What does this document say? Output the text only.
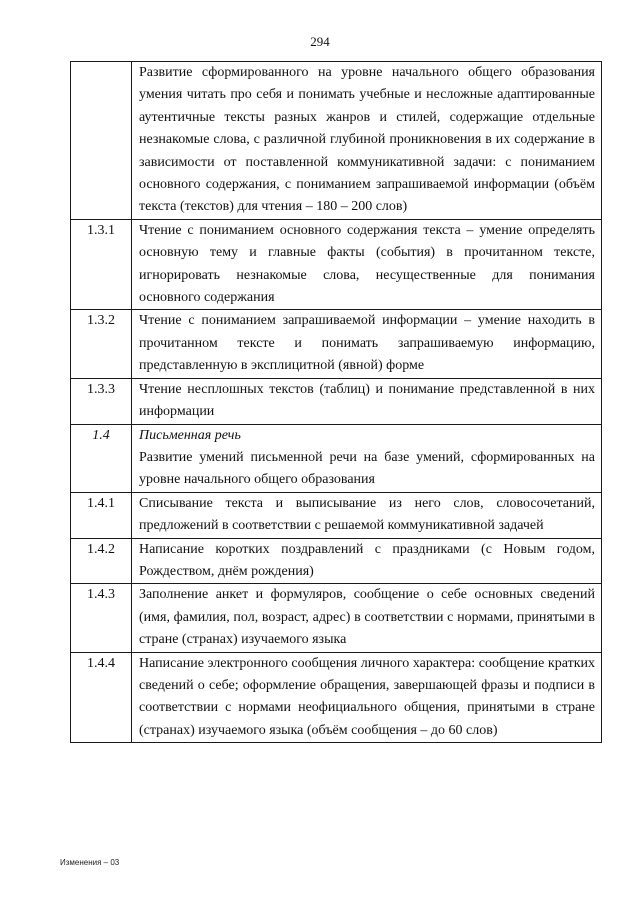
294

	Развитие сформированного на уровне начального общего образования умения читать про себя и понимать учебные и несложные адаптированные аутентичные тексты разных жанров и стилей, содержащие отдельные незнакомые слова, с различной глубиной проникновения в их содержание в зависимости от поставленной коммуникативной задачи: с пониманием основного содержания, с пониманием запрашиваемой информации (объём текста (текстов) для чтения – 180 – 200 слов)

1.3.1	Чтение с пониманием основного содержания текста – умение определять основную тему и главные факты (события) в прочитанном тексте, игнорировать незнакомые слова, несущественные для понимания основного содержания

1.3.2	Чтение с пониманием запрашиваемой информации – умение находить в прочитанном тексте и понимать запрашиваемую информацию, представленную в эксплицитной (явной) форме

1.3.3	Чтение несплошных текстов (таблиц) и понимание представленной в них информации

1.4	Письменная речь
Развитие умений письменной речи на базе умений, сформированных на уровне начального общего образования

1.4.1	Списывание текста и выписывание из него слов, словосочетаний, предложений в соответствии с решаемой коммуникативной задачей

1.4.2	Написание коротких поздравлений с праздниками (с Новым годом, Рождеством, днём рождения)

1.4.3	Заполнение анкет и формуляров, сообщение о себе основных сведений (имя, фамилия, пол, возраст, адрес) в соответствии с нормами, принятыми в стране (странах) изучаемого языка

1.4.4	Написание электронного сообщения личного характера: сообщение кратких сведений о себе; оформление обращения, завершающей фразы и подписи в соответствии с нормами неофициального общения, принятыми в стране (странах) изучаемого языка (объём сообщения – до 60 слов)
Изменения – 03
